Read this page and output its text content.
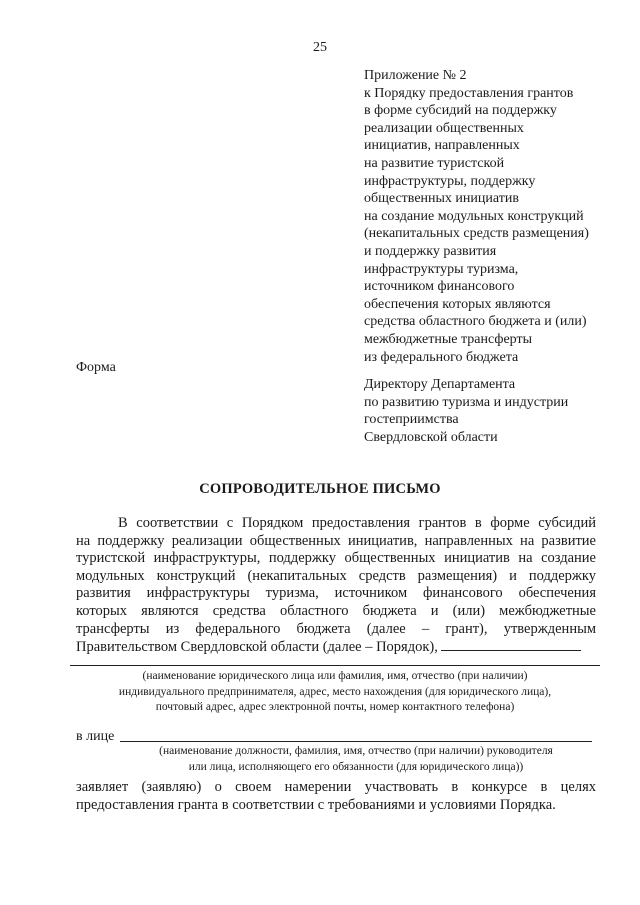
25
Приложение № 2
к Порядку предоставления грантов
в форме субсидий на поддержку
реализации общественных
инициатив, направленных
на развитие туристской
инфраструктуры, поддержку
общественных инициатив
на создание модульных конструкций
(некапитальных средств размещения)
и поддержку развития
инфраструктуры туризма,
источником финансового
обеспечения которых являются
средства областного бюджета и (или)
межбюджетные трансферты
из федерального бюджета
Форма
Директору Департамента
по развитию туризма и индустрии
гостеприимства
Свердловской области
СОПРОВОДИТЕЛЬНОЕ ПИСЬМО
В соответствии с Порядком предоставления грантов в форме субсидий
на поддержку реализации общественных инициатив, направленных на развитие
туристской инфраструктуры, поддержку общественных инициатив на создание
модульных конструкций (некапитальных средств размещения) и поддержку
развития инфраструктуры туризма, источником финансового обеспечения
которых являются средства областного бюджета и (или) межбюджетные
трансферты из федерального бюджета (далее – грант), утвержденным
Правительством Свердловской области (далее – Порядок),
(наименование юридического лица или фамилия, имя, отчество (при наличии)
индивидуального предпринимателя, адрес, место нахождения (для юридического лица),
почтовый адрес, адрес электронной почты, номер контактного телефона)
в лице
(наименование должности, фамилия, имя, отчество (при наличии) руководителя
или лица, исполняющего его обязанности (для юридического лица))
заявляет (заявляю) о своем намерении участвовать в конкурсе в целях
предоставления гранта в соответствии с требованиями и условиями Порядка.
